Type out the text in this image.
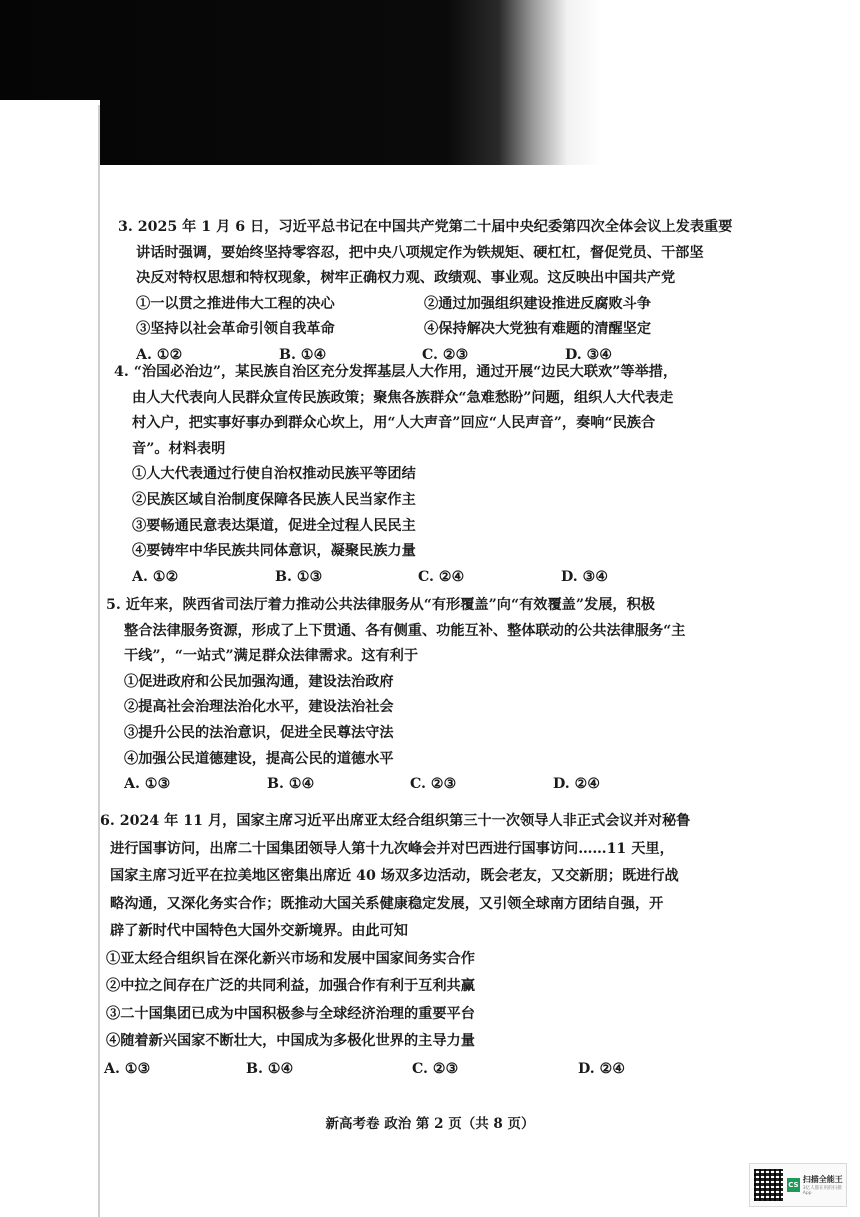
3. 2025 年 1 月 6 日，习近平总书记在中国共产党第二十届中央纪委第四次全体会议上发表重要
讲话时强调，要始终坚持零容忍，把中央八项规定作为铁规矩、硬杠杠，督促党员、干部坚
决反对特权思想和特权现象，树牢正确权力观、政绩观、事业观。这反映出中国共产党
①一以贯之推进伟大工程的决心	②通过加强组织建设推进反腐败斗争
③坚持以社会革命引领自我革命	④保持解决大党独有难题的清醒坚定
A. ①②	B. ①④	C. ②③	D. ③④
4. “治国必治边”，某民族自治区充分发挥基层人大作用，通过开展“边民大联欢”等举措，
由人大代表向人民群众宣传民族政策；聚焦各族群众“急难愁盼”问题，组织人大代表走
村入户，把实事好事办到群众心坎上，用“人大声音”回应“人民声音”，奏响“民族合
音”。材料表明
①人大代表通过行使自治权推动民族平等团结
②民族区域自治制度保障各民族人民当家作主
③要畅通民意表达渠道，促进全过程人民民主
④要铸牢中华民族共同体意识，凝聚民族力量
A. ①②	B. ①③	C. ②④	D. ③④
5. 近年来，陕西省司法厅着力推动公共法律服务从“有形覆盖”向“有效覆盖”发展，积极
整合法律服务资源，形成了上下贯通、各有侧重、功能互补、整体联动的公共法律服务“主
干线”，“一站式”满足群众法律需求。这有利于
①促进政府和公民加强沟通，建设法治政府
②提高社会治理法治化水平，建设法治社会
③提升公民的法治意识，促进全民尊法守法
④加强公民道德建设，提高公民的道德水平
A. ①③	B. ①④	C. ②③	D. ②④
6. 2024 年 11 月，国家主席习近平出席亚太经合组织第三十一次领导人非正式会议并对秘鲁
进行国事访问，出席二十国集团领导人第十九次峰会并对巴西进行国事访问……11 天里，
国家主席习近平在拉美地区密集出席近 40 场双多边活动，既会老友，又交新朋；既进行战
略沟通，又深化务实合作；既推动大国关系健康稳定发展，又引领全球南方团结自强，开
辟了新时代中国特色大国外交新境界。由此可知
①亚太经合组织旨在深化新兴市场和发展中国家间务实合作
②中拉之间存在广泛的共同利益，加强合作有利于互利共赢
③二十国集团已成为中国积极参与全球经济治理的重要平台
④随着新兴国家不断壮大，中国成为多极化世界的主导力量
A. ①③	B. ①④	C. ②③	D. ②④
新高考卷 政治 第 2 页（共 8 页）
CS
扫描全能王
3亿人都在用的扫描App
